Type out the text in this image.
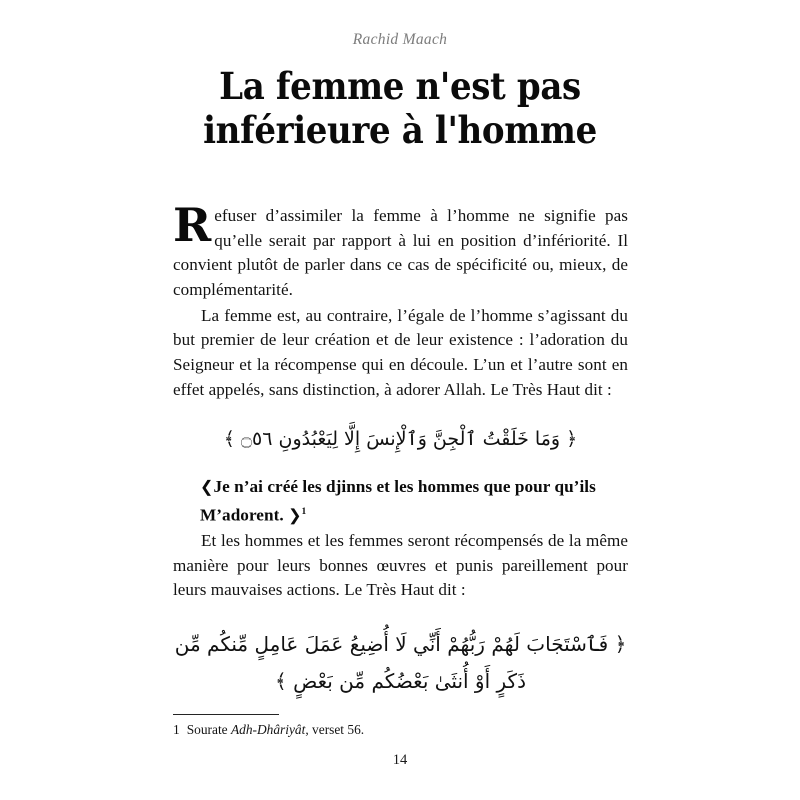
Rachid Maach
La femme n'est pas
inférieure à l'homme

Refuser d’assimiler la femme à l’homme ne signifie pas qu’elle serait par rapport à lui en position d’infériorité. Il convient plutôt de parler dans ce cas de spécificité ou, mieux, de complémentarité.

La femme est, au contraire, l’égale de l’homme s’agissant du but premier de leur création et de leur existence : l’adoration du Seigneur et la récompense qui en découle. L’un et l’autre sont en effet appelés, sans distinction, à adorer Allah. Le Très Haut dit :

﴿ وَمَا خَلَقْتُ ٱلْجِنَّ وَٱلْإِنسَ إِلَّا لِيَعْبُدُونِ ۝٥٦ ﴾

❮Je n’ai créé les djinns et les hommes que pour qu’ils M’adorent. ❯$^1$

Et les hommes et les femmes seront récompensés de la même manière pour leurs bonnes œuvres et punis pareillement pour leurs mauvaises actions. Le Très Haut dit :

﴿ فَٱسْتَجَابَ لَهُمْ رَبُّهُمْ أَنِّي لَا أُضِيعُ عَمَلَ عَامِلٍ مِّنكُم مِّن
ذَكَرٍ أَوْ أُنثَىٰ بَعْضُكُم مِّن بَعْضٍ ﴾
1 Sourate Adh-Dhâriyât, verset 56.
14
